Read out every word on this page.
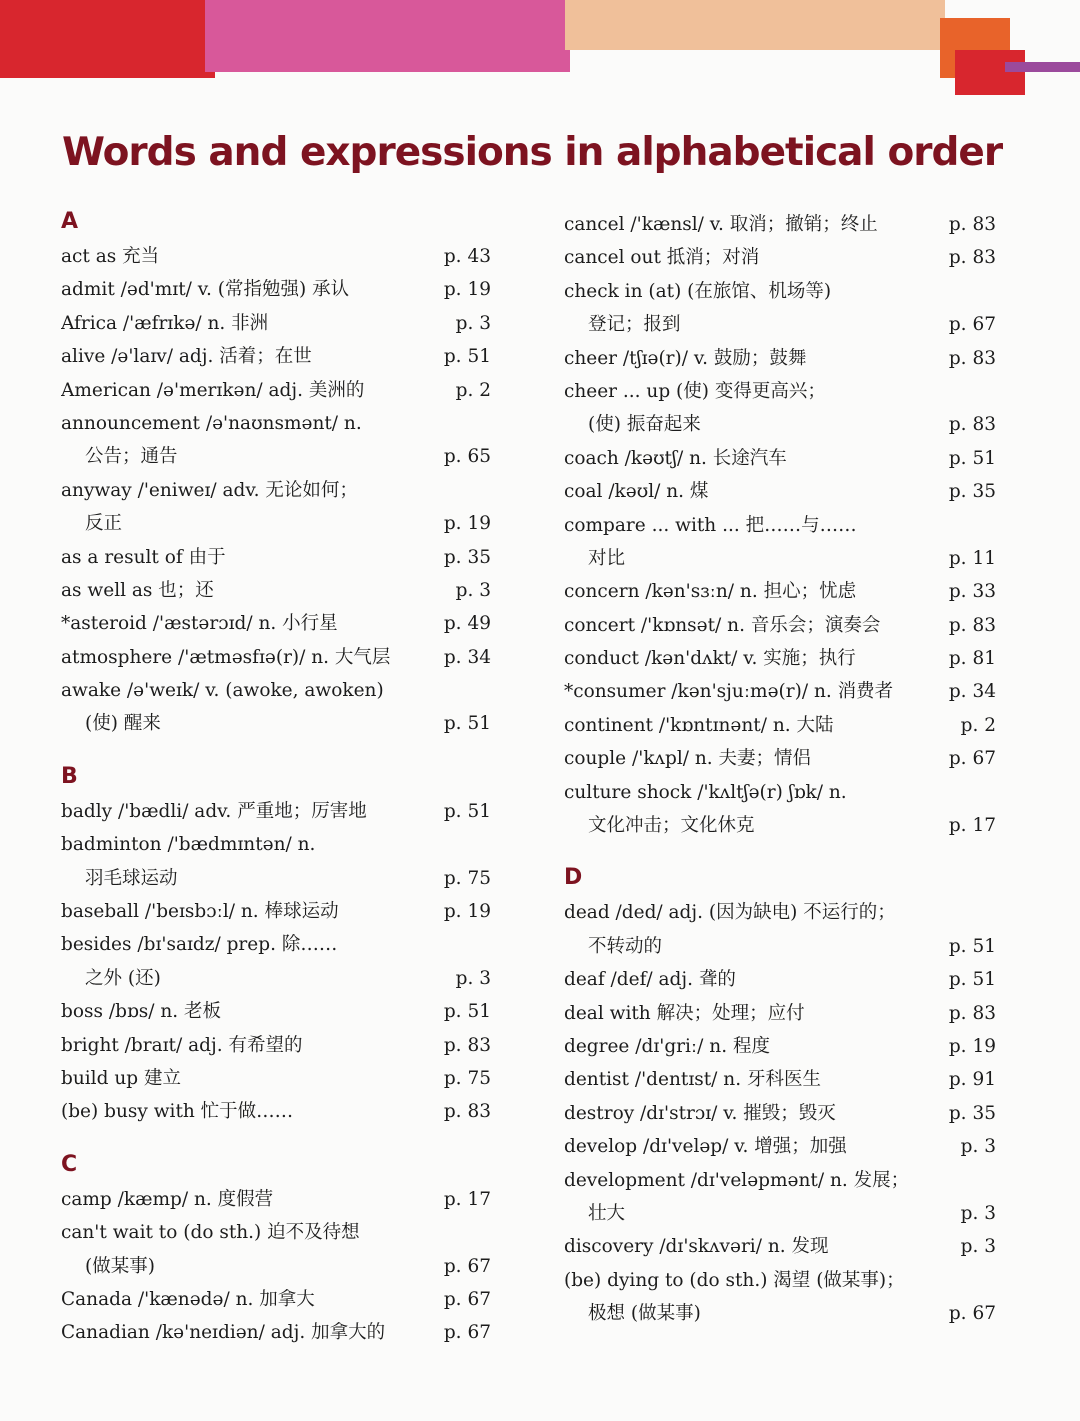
Words and expressions in alphabetical order
A
act as 充当	p. 43
admit /əd'mɪt/ v. (常指勉强) 承认	p. 19
Africa /'æfrɪkə/ n. 非洲	p. 3
alive /ə'laɪv/ adj. 活着；在世	p. 51
American /ə'merɪkən/ adj. 美洲的	p. 2
announcement /ə'naʊnsmənt/ n.
公告；通告	p. 65
anyway /'eniweɪ/ adv. 无论如何；
反正	p. 19
as a result of 由于	p. 35
as well as 也；还	p. 3
*asteroid /'æstərɔɪd/ n. 小行星	p. 49
atmosphere /'ætməsfɪə(r)/ n. 大气层	p. 34
awake /ə'weɪk/ v. (awoke, awoken)
(使) 醒来	p. 51
B
badly /'bædli/ adv. 严重地；厉害地	p. 51
badminton /'bædmɪntən/ n.
羽毛球运动	p. 75
baseball /'beɪsbɔːl/ n. 棒球运动	p. 19
besides /bɪ'saɪdz/ prep. 除……
之外 (还)	p. 3
boss /bɒs/ n. 老板	p. 51
bright /braɪt/ adj. 有希望的	p. 83
build up 建立	p. 75
(be) busy with 忙于做……	p. 83
C
camp /kæmp/ n. 度假营	p. 17
can't wait to (do sth.) 迫不及待想
(做某事)	p. 67
Canada /'kænədə/ n. 加拿大	p. 67
Canadian /kə'neɪdiən/ adj. 加拿大的	p. 67
cancel /'kænsl/ v. 取消；撤销；终止	p. 83
cancel out 抵消；对消	p. 83
check in (at) (在旅馆、机场等)
登记；报到	p. 67
cheer /tʃɪə(r)/ v. 鼓励；鼓舞	p. 83
cheer ... up (使) 变得更高兴；
(使) 振奋起来	p. 83
coach /kəʊtʃ/ n. 长途汽车	p. 51
coal /kəʊl/ n. 煤	p. 35
compare ... with ... 把……与……
对比	p. 11
concern /kən'sɜːn/ n. 担心；忧虑	p. 33
concert /'kɒnsət/ n. 音乐会；演奏会	p. 83
conduct /kən'dʌkt/ v. 实施；执行	p. 81
*consumer /kən'sjuːmə(r)/ n. 消费者	p. 34
continent /'kɒntɪnənt/ n. 大陆	p. 2
couple /'kʌpl/ n. 夫妻；情侣	p. 67
culture shock /'kʌltʃə(r) ʃɒk/ n.
文化冲击；文化休克	p. 17
D
dead /ded/ adj. (因为缺电) 不运行的；
不转动的	p. 51
deaf /def/ adj. 聋的	p. 51
deal with 解决；处理；应付	p. 83
degree /dɪ'griː/ n. 程度	p. 19
dentist /'dentɪst/ n. 牙科医生	p. 91
destroy /dɪ'strɔɪ/ v. 摧毁；毁灭	p. 35
develop /dɪ'veləp/ v. 增强；加强	p. 3
development /dɪ'veləpmənt/ n. 发展；
壮大	p. 3
discovery /dɪ'skʌvəri/ n. 发现	p. 3
(be) dying to (do sth.) 渴望 (做某事)；
极想 (做某事)	p. 67
